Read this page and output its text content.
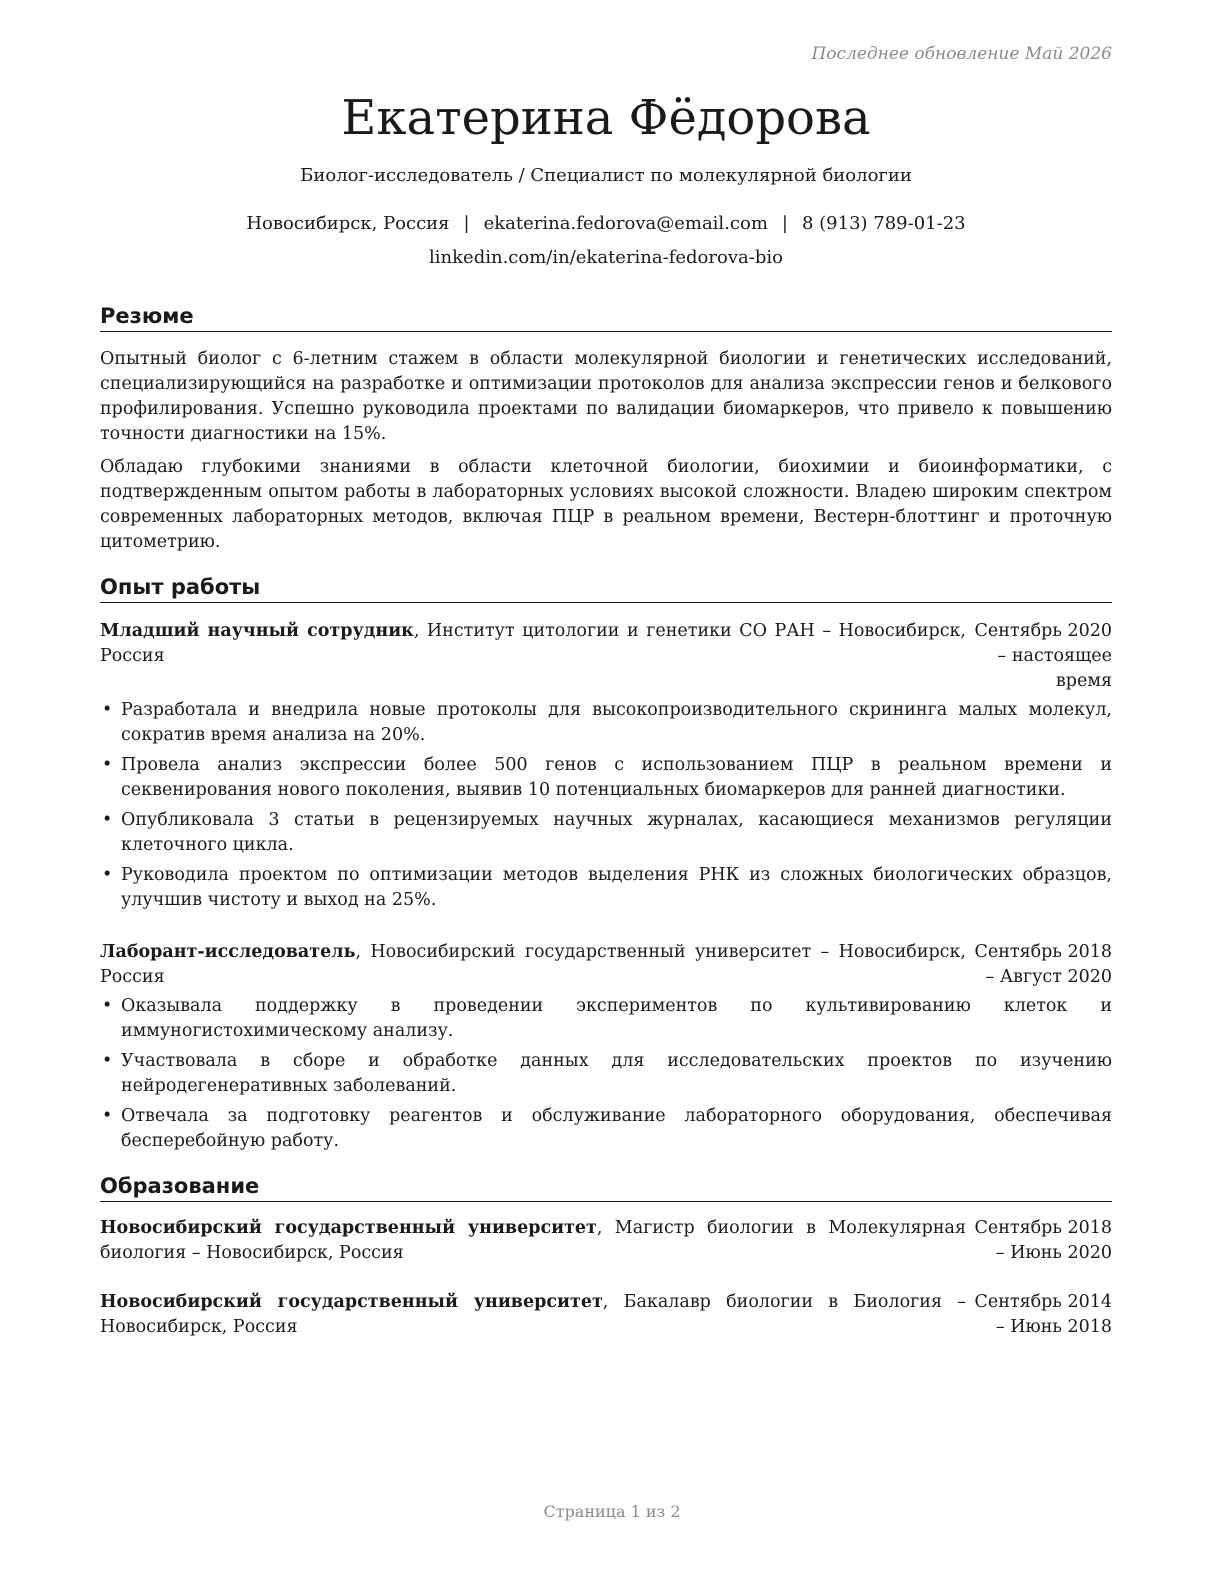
Последнее обновление Май 2026
Екатерина Фёдорова
Биолог-исследователь / Специалист по молекулярной биологии
Новосибирск, Россия | ekaterina.fedorova@email.com | 8 (913) 789-01-23
linkedin.com/in/ekaterina-fedorova-bio
Резюме

Опытный биолог с 6-летним стажем в области молекулярной биологии и генетических исследований, специализирующийся на разработке и оптимизации протоколов для анализа экспрессии генов и белкового профилирования. Успешно руководила проектами по валидации биомаркеров, что привело к повышению точности диагностики на 15%.

Обладаю глубокими знаниями в области клеточной биологии, биохимии и биоинформатики, с подтвержденным опытом работы в лабораторных условиях высокой сложности. Владею широким спектром современных лабораторных методов, включая ПЦР в реальном времени, Вестерн-блоттинг и проточную цитометрию.

Опыт работы
Младший научный сотрудник, Институт цитологии и генетики СО РАН – Новосибирск, Россия
Сентябрь 2020 – настоящее время
• Разработала и внедрила новые протоколы для высокопроизводительного скрининга малых молекул, сократив время анализа на 20%.
• Провела анализ экспрессии более 500 генов с использованием ПЦР в реальном времени и секвенирования нового поколения, выявив 10 потенциальных биомаркеров для ранней диагностики.
• Опубликовала 3 статьи в рецензируемых научных журналах, касающиеся механизмов регуляции клеточного цикла.
• Руководила проектом по оптимизации методов выделения РНК из сложных биологических образцов, улучшив чистоту и выход на 25%.
Лаборант-исследователь, Новосибирский государственный университет – Новосибирск, Россия
Сентябрь 2018 – Август 2020
• Оказывала поддержку в проведении экспериментов по культивированию клеток и иммуногистохимическому анализу.
• Участвовала в сборе и обработке данных для исследовательских проектов по изучению нейродегенеративных заболеваний.
• Отвечала за подготовку реагентов и обслуживание лабораторного оборудования, обеспечивая бесперебойную работу.
Образование
Новосибирский государственный университет, Магистр биологии в Молекулярная биология – Новосибирск, Россия
Сентябрь 2018 – Июнь 2020
Новосибирский государственный университет, Бакалавр биологии в Биология – Новосибирск, Россия
Сентябрь 2014 – Июнь 2018
Страница 1 из 2
